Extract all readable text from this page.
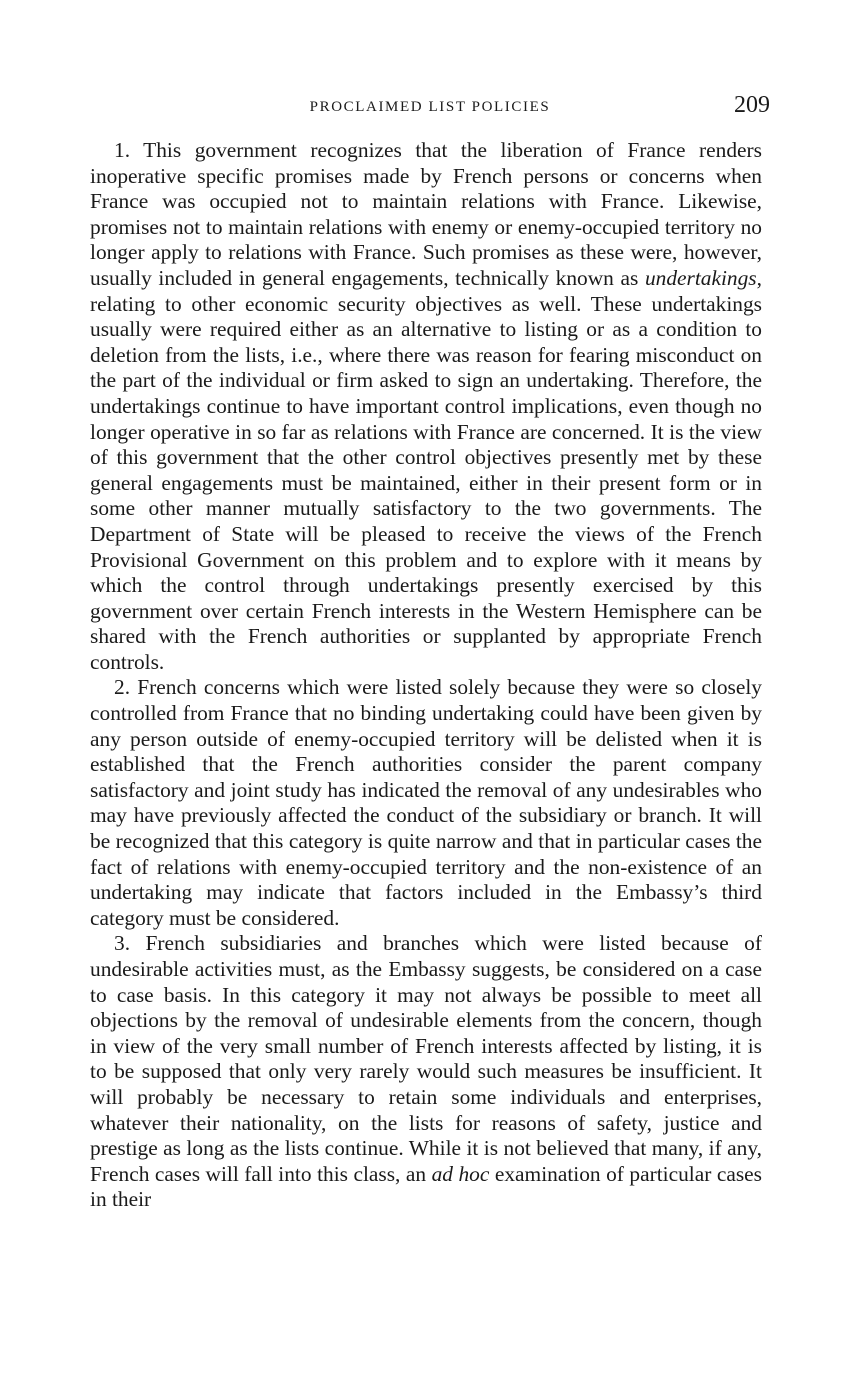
PROCLAIMED LIST POLICIES	209

1. This government recognizes that the liberation of France renders inoperative specific promises made by French persons or concerns when France was occupied not to maintain relations with France. Likewise, promises not to maintain relations with enemy or enemy-occupied territory no longer apply to relations with France. Such promises as these were, however, usually included in general engagements, technically known as undertakings, relating to other economic security objectives as well. These undertakings usually were required either as an alternative to listing or as a condition to deletion from the lists, i.e., where there was reason for fearing misconduct on the part of the individual or firm asked to sign an undertaking. Therefore, the undertakings continue to have important control implications, even though no longer operative in so far as relations with France are concerned. It is the view of this government that the other control objectives presently met by these general engagements must be maintained, either in their present form or in some other manner mutually satisfactory to the two governments. The Department of State will be pleased to receive the views of the French Provisional Government on this problem and to explore with it means by which the control through undertakings presently exercised by this government over certain French interests in the Western Hemisphere can be shared with the French authorities or supplanted by appropriate French controls.

2. French concerns which were listed solely because they were so closely controlled from France that no binding undertaking could have been given by any person outside of enemy-occupied territory will be delisted when it is established that the French authorities consider the parent company satisfactory and joint study has indicated the removal of any undesirables who may have previously affected the conduct of the subsidiary or branch. It will be recognized that this category is quite narrow and that in particular cases the fact of relations with enemy-occupied territory and the non-existence of an undertaking may indicate that factors included in the Embassy’s third category must be considered.

3. French subsidiaries and branches which were listed because of undesirable activities must, as the Embassy suggests, be considered on a case to case basis. In this category it may not always be possible to meet all objections by the removal of undesirable elements from the concern, though in view of the very small number of French interests affected by listing, it is to be supposed that only very rarely would such measures be insufficient. It will probably be necessary to retain some individuals and enterprises, whatever their nationality, on the lists for reasons of safety, justice and prestige as long as the lists continue. While it is not believed that many, if any, French cases will fall into this class, an ad hoc examination of particular cases in their
